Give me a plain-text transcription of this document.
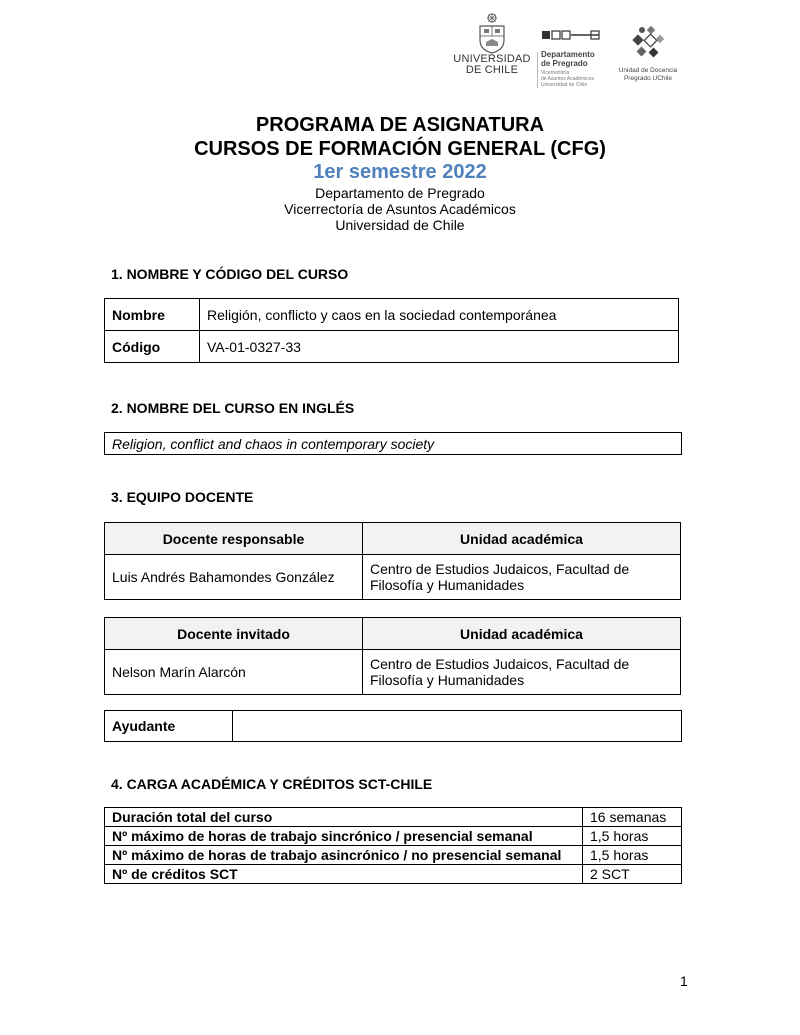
UNIVERSIDAD
DE CHILE
Departamento
de Pregrado
Vicerrectoría
de Asuntos Académicos
Universidad de Chile
Unidad de Docencia
Pregrado UChile
PROGRAMA DE ASIGNATURA
CURSOS DE FORMACIÓN GENERAL (CFG)
1er semestre 2022
Departamento de Pregrado
Vicerrectoría de Asuntos Académicos
Universidad de Chile
1. NOMBRE Y CÓDIGO DEL CURSO
Nombre	Religión, conflicto y caos en la sociedad contemporánea
Código	VA-01-0327-33
2. NOMBRE DEL CURSO EN INGLÉS
Religion, conflict and chaos in contemporary society
3. EQUIPO DOCENTE
Docente responsable	Unidad académica
Luis Andrés Bahamondes González	Centro de Estudios Judaicos, Facultad de Filosofía y Humanidades
Docente invitado	Unidad académica
Nelson Marín Alarcón	Centro de Estudios Judaicos, Facultad de Filosofía y Humanidades
Ayudante	
4. CARGA ACADÉMICA Y CRÉDITOS SCT-CHILE
Duración total del curso	16 semanas
Nº máximo de horas de trabajo sincrónico / presencial semanal	1,5 horas
Nº máximo de horas de trabajo asincrónico / no presencial semanal	1,5 horas
Nº de créditos SCT	2 SCT
1
